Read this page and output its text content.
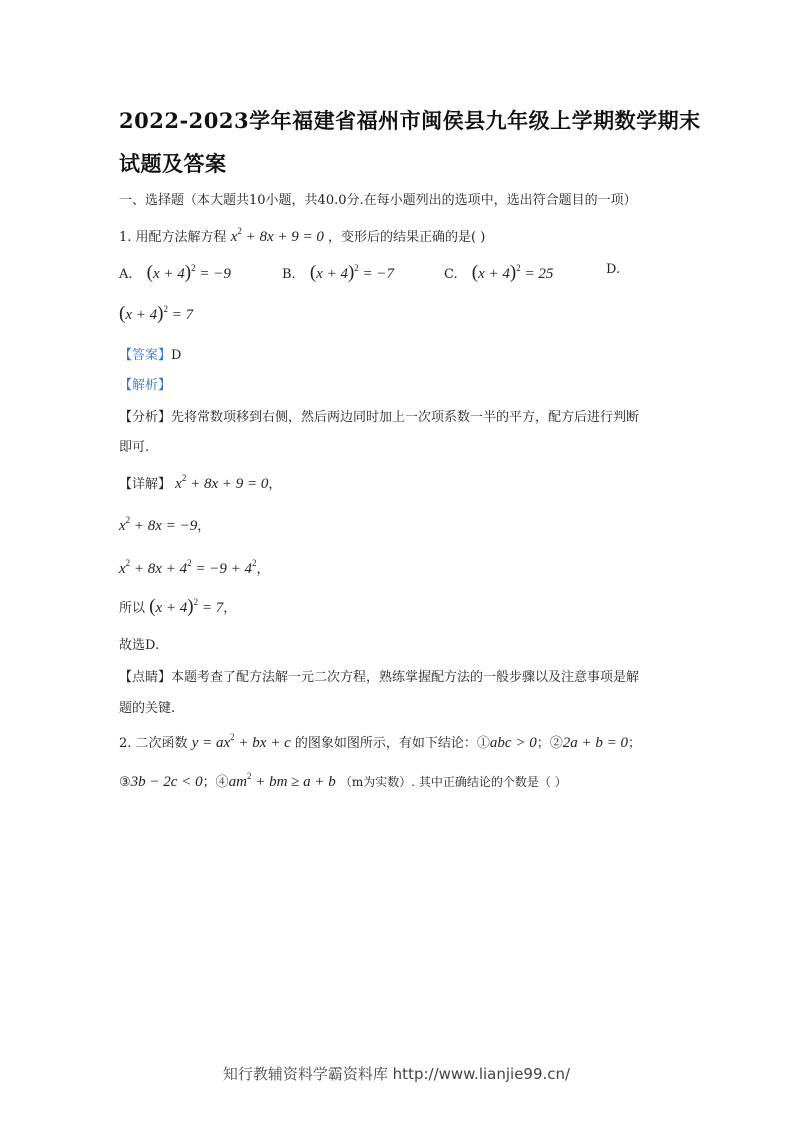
2022-2023学年福建省福州市闽侯县九年级上学期数学期末
试题及答案
一、选择题（本大题共10小题，共40.0分.在每小题列出的选项中，选出符合题目的一项）
1. 用配方法解方程 $x^2 + 8x + 9 = 0$ ，变形后的结果正确的是( )
A. $(x + 4)^2 = -9$	B. $(x + 4)^2 = -7$	C. $(x + 4)^2 = 25$	D.
$(x + 4)^2 = 7$
【答案】D
【解析】
【分析】先将常数项移到右侧，然后两边同时加上一次项系数一半的平方，配方后进行判断
即可.
【详解】 $x^2 + 8x + 9 = 0$，
$x^2 + 8x = -9$，
$x^2 + 8x + 4^2 = -9 + 4^2$，
所以 $(x + 4)^2 = 7$，
故选D.
【点睛】本题考查了配方法解一元二次方程，熟练掌握配方法的一般步骤以及注意事项是解
题的关键.
2. 二次函数 $y = ax^2$ + bx + c 的图象如图所示，有如下结论：①abc > 0；②2a + b = 0；
③3b − 2c < 0；$④am^2$ + bm ≥ a + b （m为实数）. 其中正确结论的个数是（ ）
知行教辅资料学霸资料库 http://www.lianjie99.cn/
